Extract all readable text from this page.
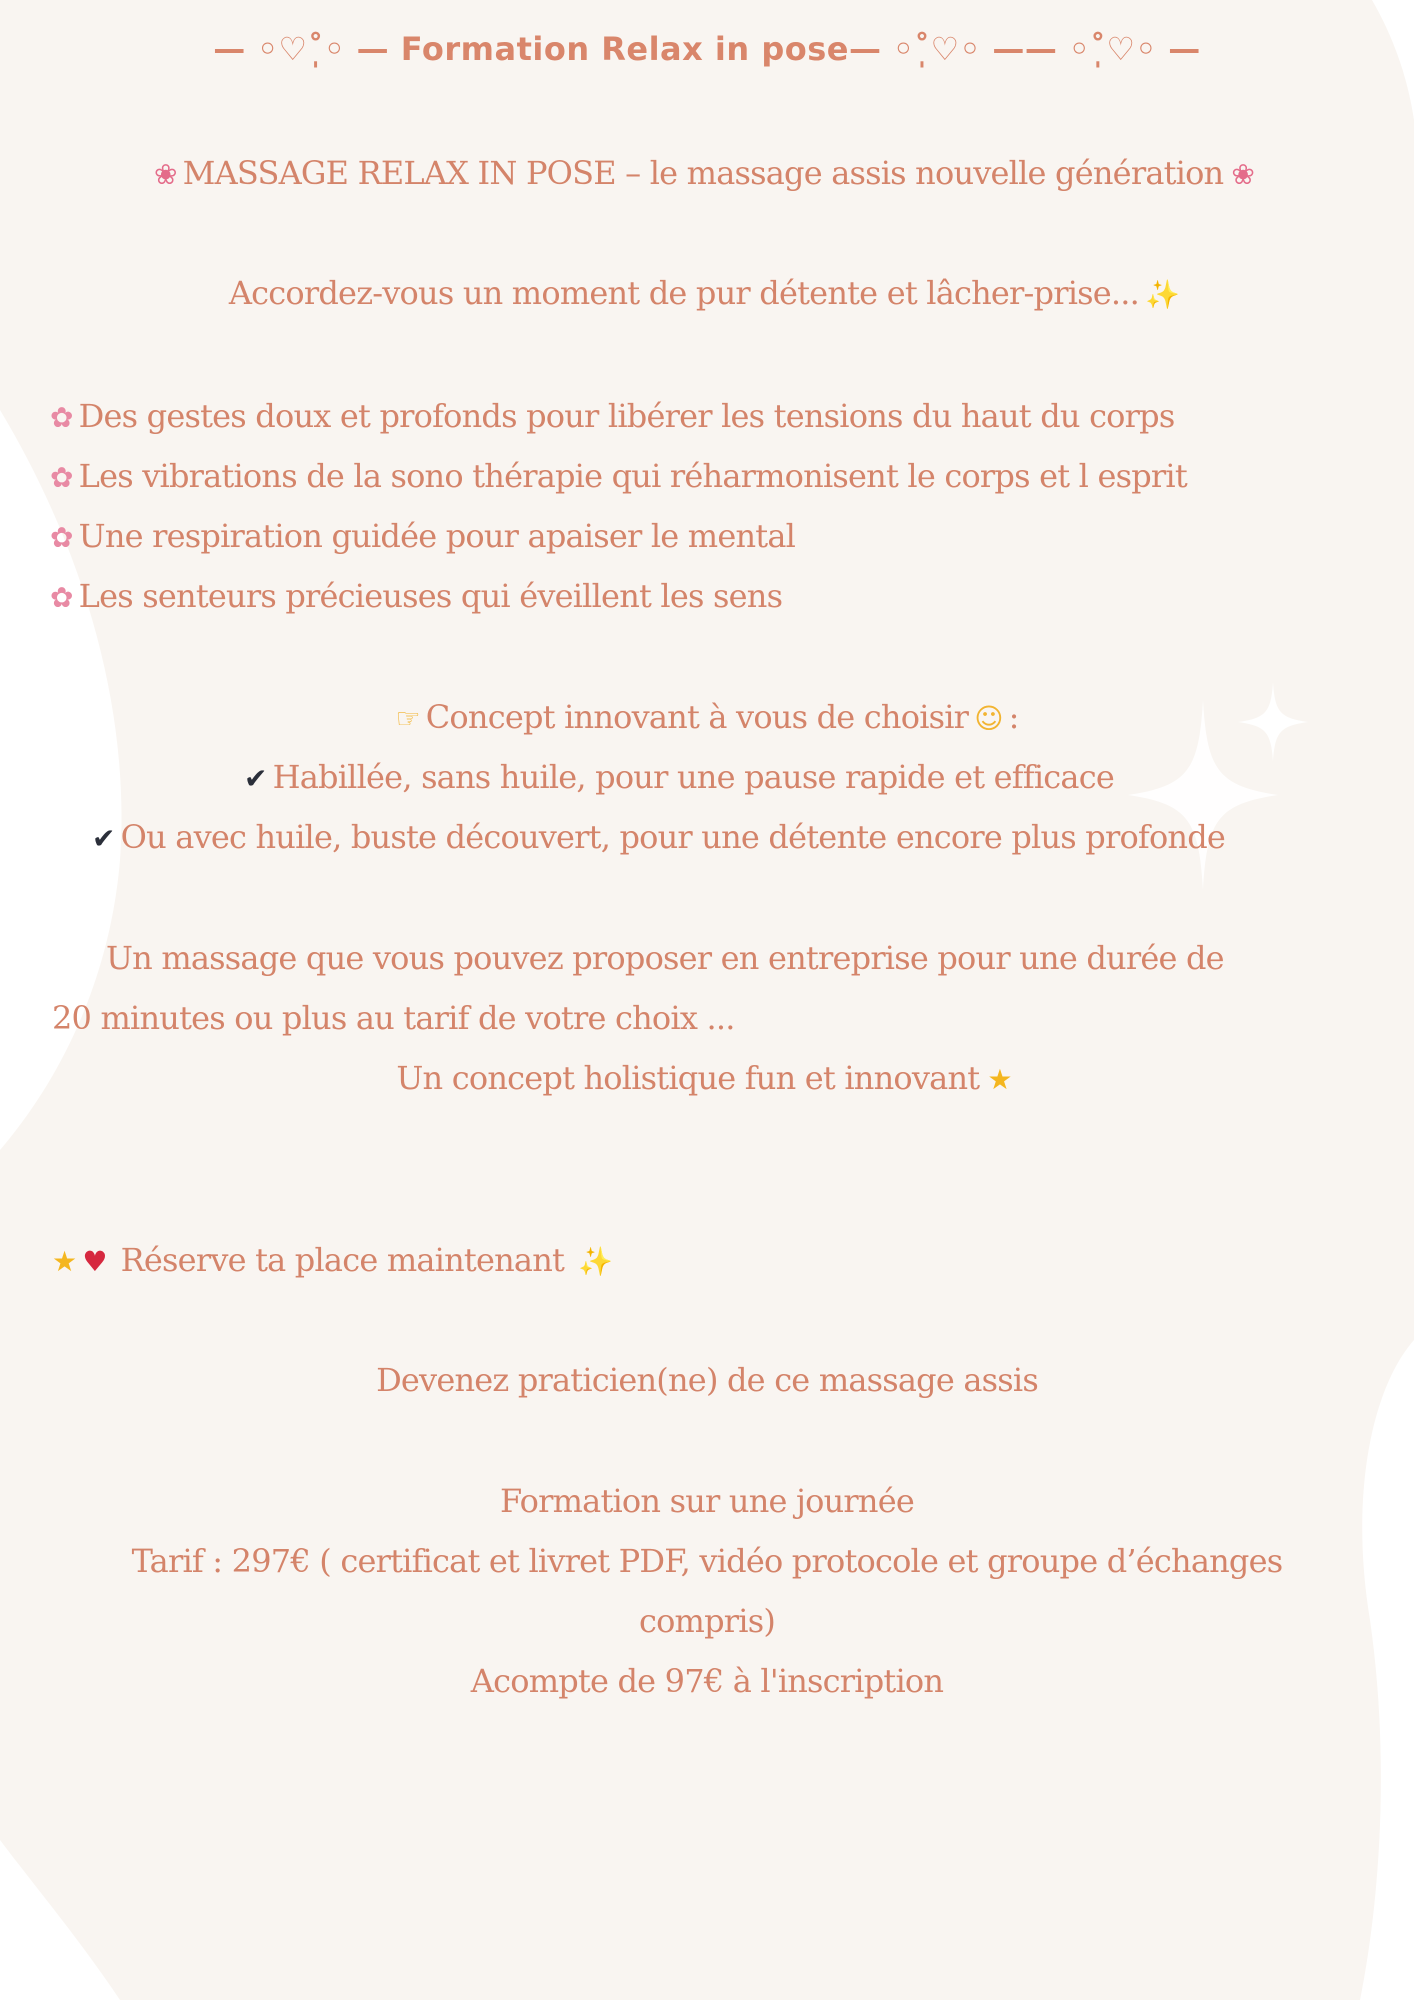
— ◦♡˚̩◦ — Formation Relax in pose— ◦˚̩♡◦ —— ◦˚̩♡◦ —
❀ MASSAGE RELAX IN POSE – le massage assis nouvelle génération ❀
Accordez-vous un moment de pur détente et lâcher-prise... ✨
✿ Des gestes doux et profonds pour libérer les tensions du haut du corps
✿ Les vibrations de la sono thérapie qui réharmonisent le corps et l esprit
✿ Une respiration guidée pour apaiser le mental
✿ Les senteurs précieuses qui éveillent les sens
☞ Concept innovant à vous de choisir ☺ :
✔ Habillée, sans huile, pour une pause rapide et efficace
✔ Ou avec huile, buste découvert, pour une détente encore plus profonde
Un massage que vous pouvez proposer en entreprise pour une durée de
20 minutes ou plus au tarif de votre choix ...
Un concept holistique fun et innovant ★
★ ♥ Réserve ta place maintenant ✨
Devenez praticien(ne) de ce massage assis
Formation sur une journée
Tarif : 297€ ( certificat et livret PDF, vidéo protocole et groupe d’échanges
compris)
Acompte de 97€ à l'inscription
